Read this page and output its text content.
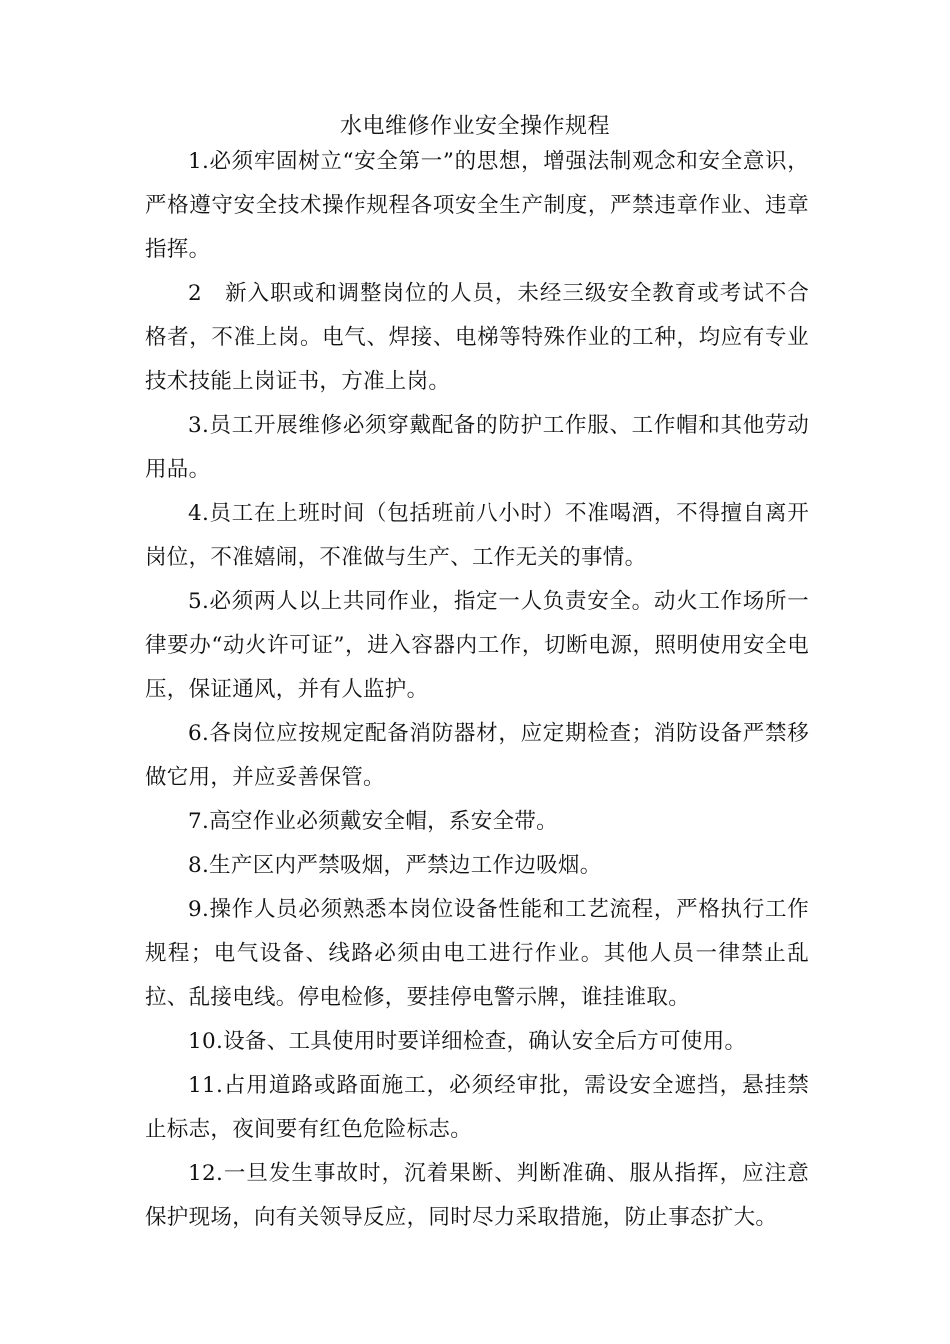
水电维修作业安全操作规程

1.必须牢固树立“安全第一”的思想，增强法制观念和安全意识，严格遵守安全技术操作规程各项安全生产制度，严禁违章作业、违章指挥。

2　新入职或和调整岗位的人员，未经三级安全教育或考试不合格者，不准上岗。电气、焊接、电梯等特殊作业的工种，均应有专业技术技能上岗证书，方准上岗。

3.员工开展维修必须穿戴配备的防护工作服、工作帽和其他劳动用品。

4.员工在上班时间（包括班前八小时）不准喝酒，不得擅自离开岗位，不准嬉闹，不准做与生产、工作无关的事情。

5.必须两人以上共同作业，指定一人负责安全。动火工作场所一律要办“动火许可证”，进入容器内工作，切断电源，照明使用安全电压，保证通风，并有人监护。

6.各岗位应按规定配备消防器材，应定期检查；消防设备严禁移做它用，并应妥善保管。

7.高空作业必须戴安全帽，系安全带。

8.生产区内严禁吸烟，严禁边工作边吸烟。

9.操作人员必须熟悉本岗位设备性能和工艺流程，严格执行工作规程；电气设备、线路必须由电工进行作业。其他人员一律禁止乱拉、乱接电线。停电检修，要挂停电警示牌，谁挂谁取。

10.设备、工具使用时要详细检查，确认安全后方可使用。

11.占用道路或路面施工，必须经审批，需设安全遮挡，悬挂禁止标志，夜间要有红色危险标志。

12.一旦发生事故时，沉着果断、判断准确、服从指挥，应注意保护现场，向有关领导反应，同时尽力采取措施，防止事态扩大。
